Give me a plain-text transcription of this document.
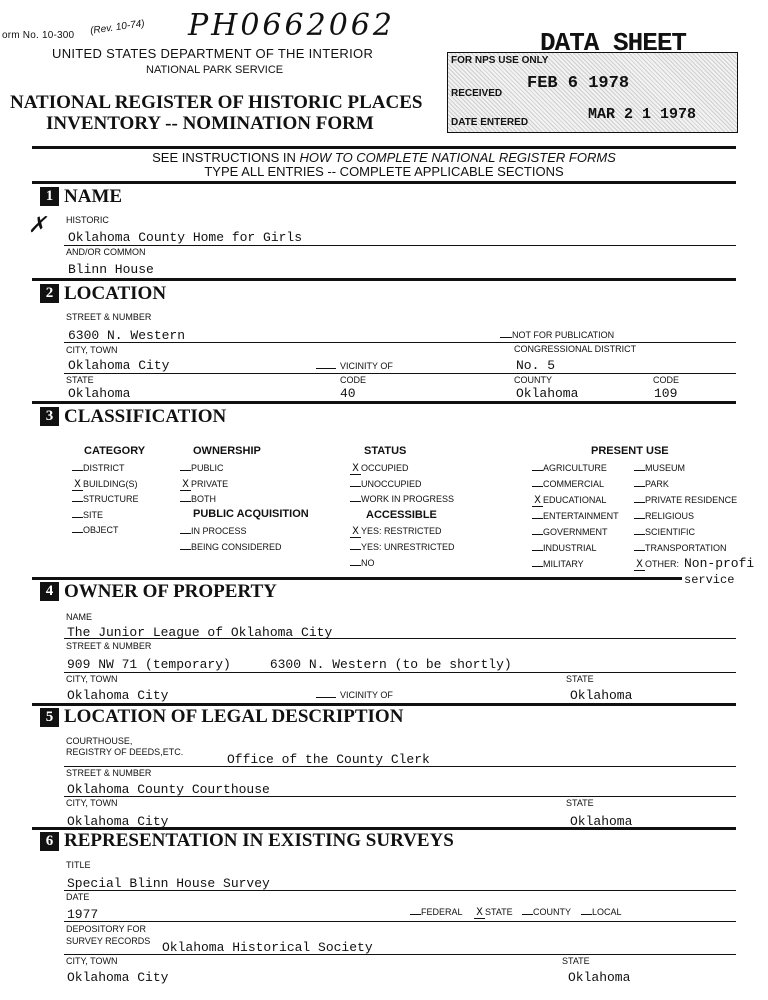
orm No. 10-300 (Rev. 10-74) PH0662062
UNITED STATES DEPARTMENT OF THE INTERIOR
NATIONAL PARK SERVICE
NATIONAL REGISTER OF HISTORIC PLACES
INVENTORY -- NOMINATION FORM
DATA SHEET
FOR NPS USE ONLY
RECEIVED
FEB 6 1978
DATE ENTERED	MAR 2 1 1978
SEE INSTRUCTIONS IN HOW TO COMPLETE NATIONAL REGISTER FORMS
TYPE ALL ENTRIES -- COMPLETE APPLICABLE SECTIONS
1 NAME
✗ HISTORIC
Oklahoma County Home for Girls
AND/OR COMMON
Blinn House
2 LOCATION
STREET & NUMBER
6300 N. Western	NOT FOR PUBLICATION
CITY, TOWN	CONGRESSIONAL DISTRICT
Oklahoma City	VICINITY OF	No. 5
STATE	CODE	COUNTY	CODE
Oklahoma	40	Oklahoma	109
3 CLASSIFICATION
CATEGORY	OWNERSHIP	STATUS	PRESENT USE
PUBLIC ACQUISITION	ACCESSIBLE
DISTRICT
X BUILDING(S)
STRUCTURE
SITE
OBJECT
PUBLIC
X PRIVATE
BOTH
IN PROCESS
BEING CONSIDERED
X OCCUPIED
UNOCCUPIED
WORK IN PROGRESS
X YES: RESTRICTED
YES: UNRESTRICTED
NO
AGRICULTURE
COMMERCIAL
X EDUCATIONAL
ENTERTAINMENT
GOVERNMENT
INDUSTRIAL
MILITARY
MUSEUM
PARK
PRIVATE RESIDENCE
RELIGIOUS
SCIENTIFIC
TRANSPORTATION
X OTHER: Non-profi
service
4 OWNER OF PROPERTY
NAME
The Junior League of Oklahoma City
STREET & NUMBER
909 NW 71 (temporary)     6300 N. Western (to be shortly)
CITY, TOWN	STATE
Oklahoma City	VICINITY OF	Oklahoma
5 LOCATION OF LEGAL DESCRIPTION
COURTHOUSE,
REGISTRY OF DEEDS,ETC.	Office of the County Clerk
STREET & NUMBER
Oklahoma County Courthouse
CITY, TOWN	STATE
Oklahoma City	Oklahoma
6 REPRESENTATION IN EXISTING SURVEYS
TITLE
Special Blinn House Survey
DATE
1977	FEDERAL X STATE	COUNTY	LOCAL
DEPOSITORY FOR
SURVEY RECORDS Oklahoma Historical Society
CITY, TOWN	STATE
Oklahoma City	Oklahoma
